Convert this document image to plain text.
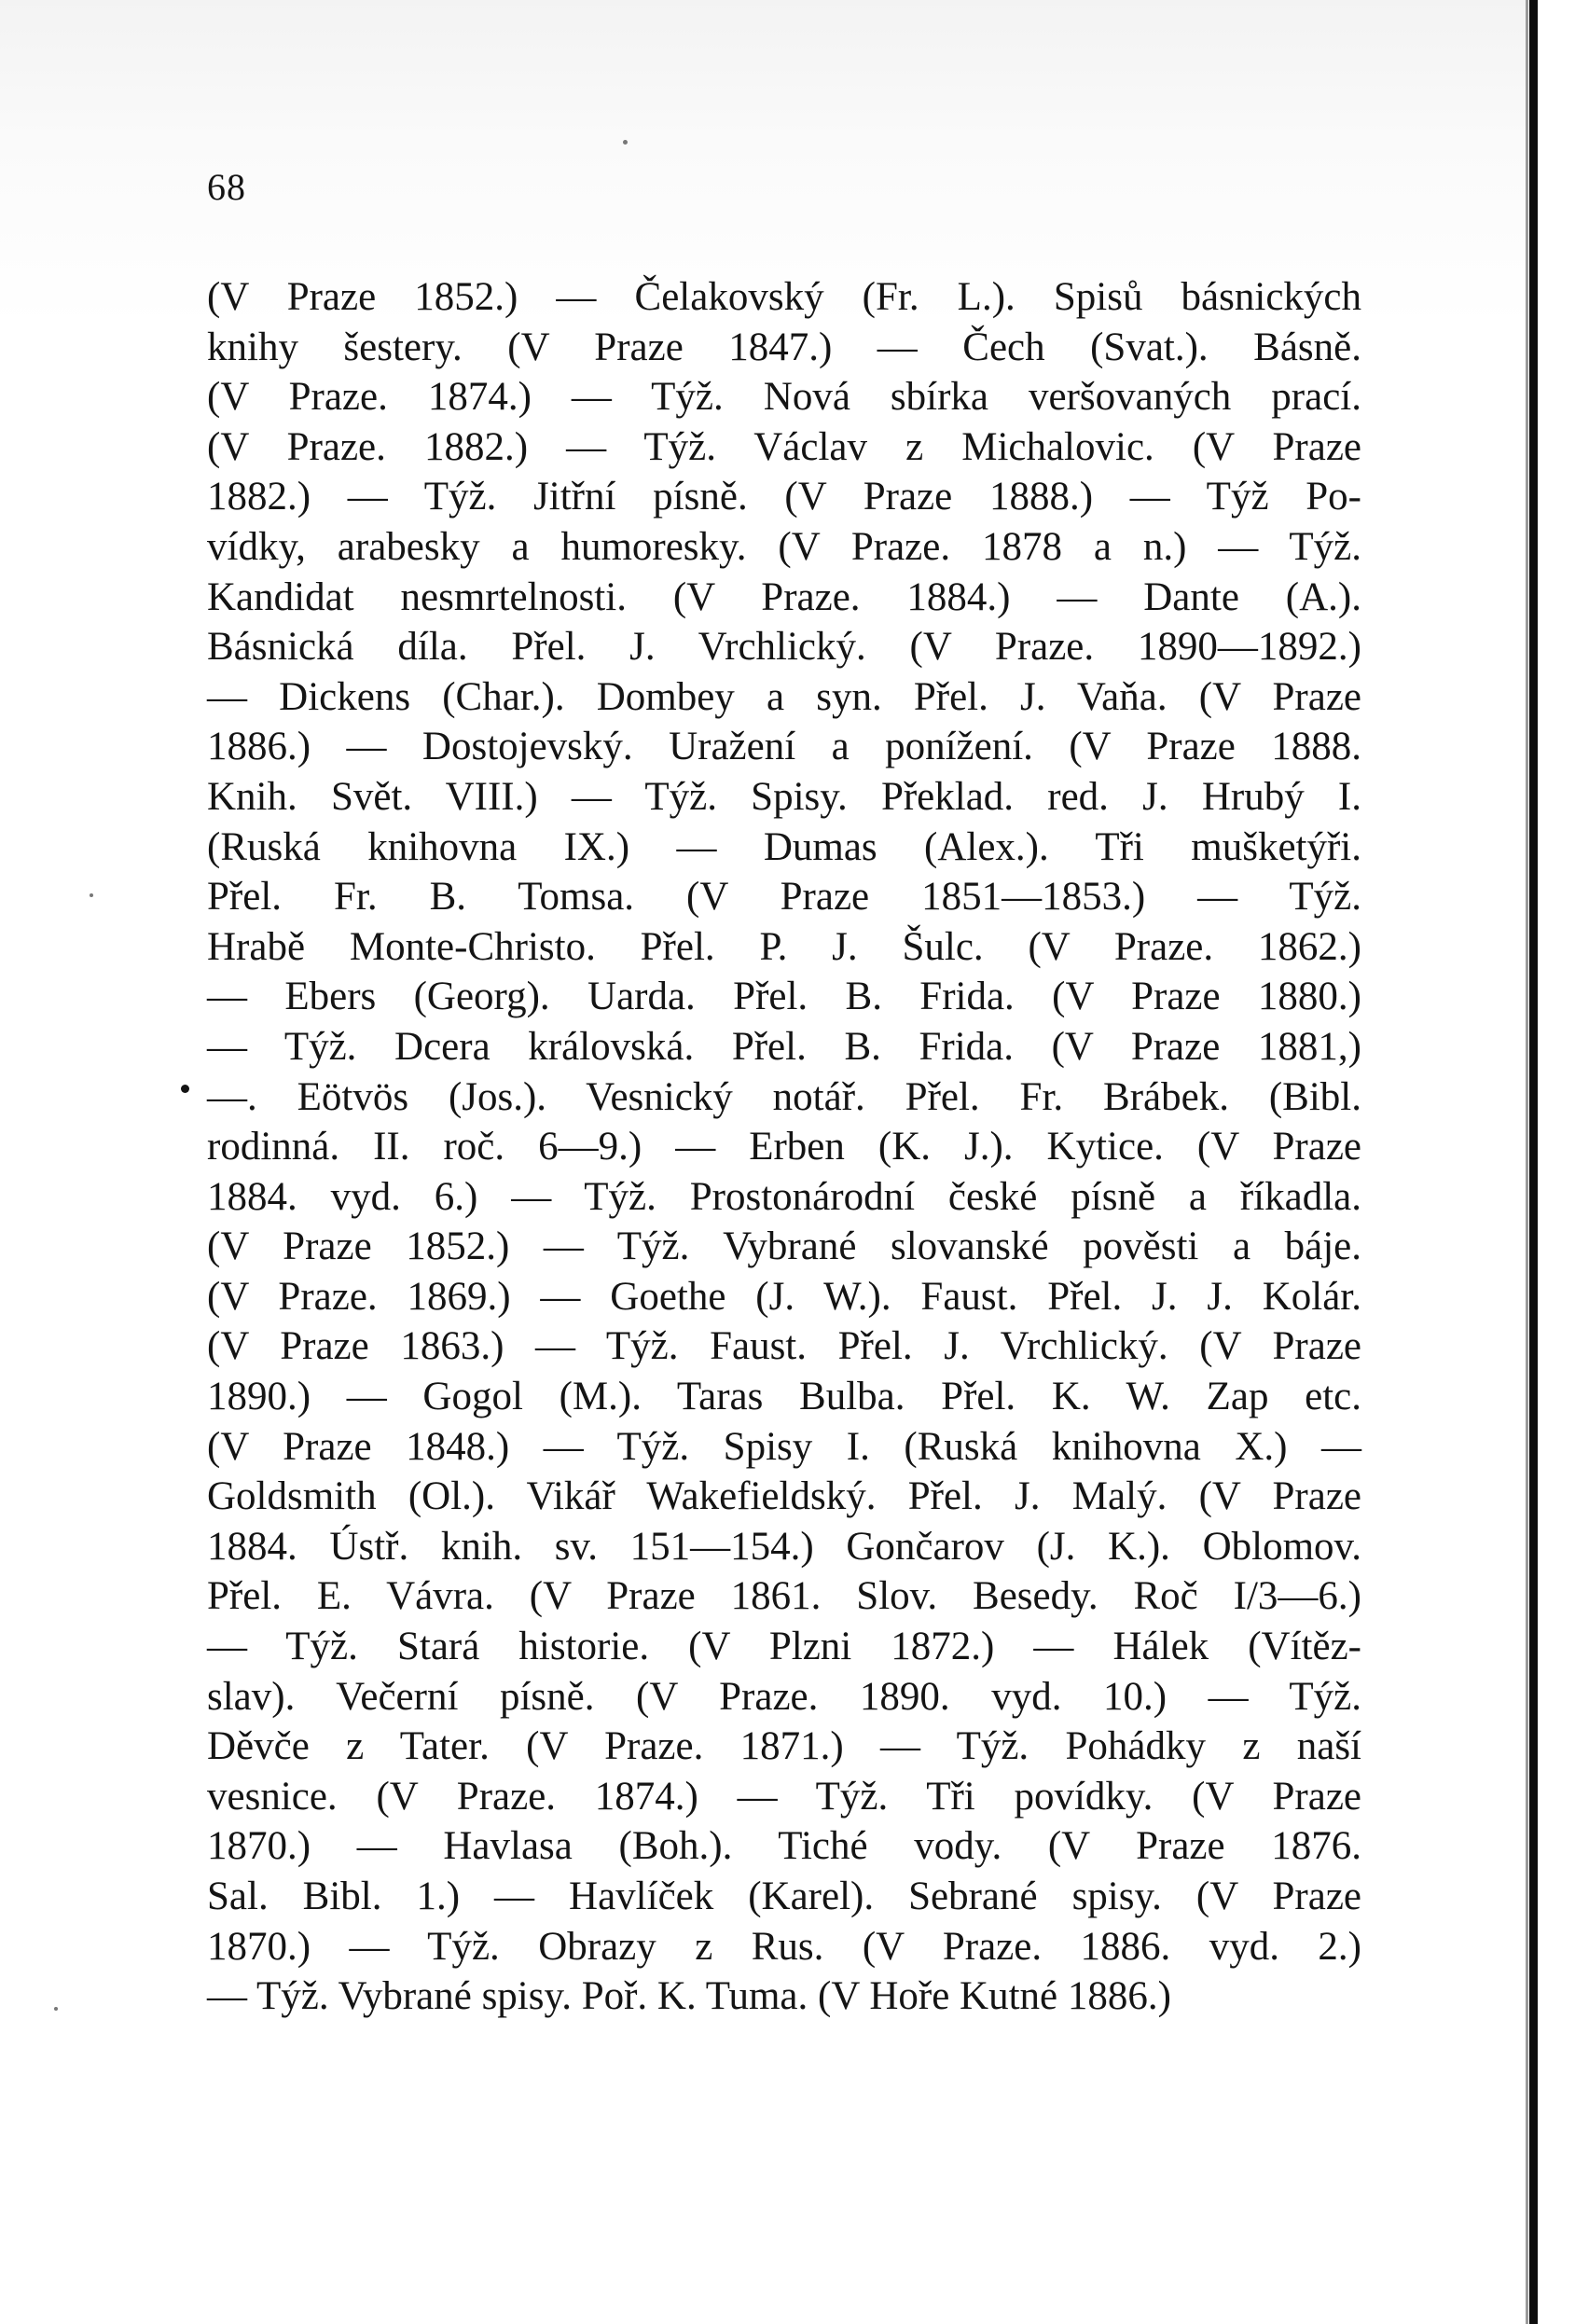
68
(V Praze 1852.) — Čelakovský (Fr. L.). Spisů básnických
knihy šestery. (V Praze 1847.) — Čech (Svat.). Básně.
(V Praze. 1874.) — Týž. Nová sbírka veršovaných prací.
(V Praze. 1882.) — Týž. Václav z Michalovic. (V Praze
1882.) — Týž. Jitřní písně. (V Praze 1888.) — Týž Po-
vídky, arabesky a humoresky. (V Praze. 1878 a n.) — Týž.
Kandidat nesmrtelnosti. (V Praze. 1884.) — Dante (A.).
Básnická díla. Přel. J. Vrchlický. (V Praze. 1890—1892.)
— Dickens (Char.). Dombey a syn. Přel. J. Vaňa. (V Praze
1886.) — Dostojevský. Uražení a ponížení. (V Praze 1888.
Knih. Svět. VIII.) — Týž. Spisy. Překlad. red. J. Hrubý I.
(Ruská knihovna IX.) — Dumas (Alex.). Tři mušketýři.
Přel. Fr. B. Tomsa. (V Praze 1851—1853.) — Týž.
Hrabě Monte-Christo. Přel. P. J. Šulc. (V Praze. 1862.)
— Ebers (Georg). Uarda. Přel. B. Frida. (V Praze 1880.)
— Týž. Dcera královská. Přel. B. Frida. (V Praze 1881,)
—. Eötvös (Jos.). Vesnický notář. Přel. Fr. Brábek. (Bibl.
rodinná. II. roč. 6—9.) — Erben (K. J.). Kytice. (V Praze
1884. vyd. 6.) — Týž. Prostonárodní české písně a říkadla.
(V Praze 1852.) — Týž. Vybrané slovanské pověsti a báje.
(V Praze. 1869.) — Goethe (J. W.). Faust. Přel. J. J. Kolár.
(V Praze 1863.) — Týž. Faust. Přel. J. Vrchlický. (V Praze
1890.) — Gogol (M.). Taras Bulba. Přel. K. W. Zap etc.
(V Praze 1848.) — Týž. Spisy I. (Ruská knihovna X.) —
Goldsmith (Ol.). Vikář Wakefieldský. Přel. J. Malý. (V Praze
1884. Ústř. knih. sv. 151—154.) Gončarov (J. K.). Oblomov.
Přel. E. Vávra. (V Praze 1861. Slov. Besedy. Roč I/3—6.)
— Týž. Stará historie. (V Plzni 1872.) — Hálek (Vítěz-
slav). Večerní písně. (V Praze. 1890. vyd. 10.) — Týž.
Děvče z Tater. (V Praze. 1871.) — Týž. Pohádky z naší
vesnice. (V Praze. 1874.) — Týž. Tři povídky. (V Praze
1870.) — Havlasa (Boh.). Tiché vody. (V Praze 1876.
Sal. Bibl. 1.) — Havlíček (Karel). Sebrané spisy. (V Praze
1870.) — Týž. Obrazy z Rus. (V Praze. 1886. vyd. 2.)
— Týž. Vybrané spisy. Poř. K. Tuma. (V Hoře Kutné 1886.)
